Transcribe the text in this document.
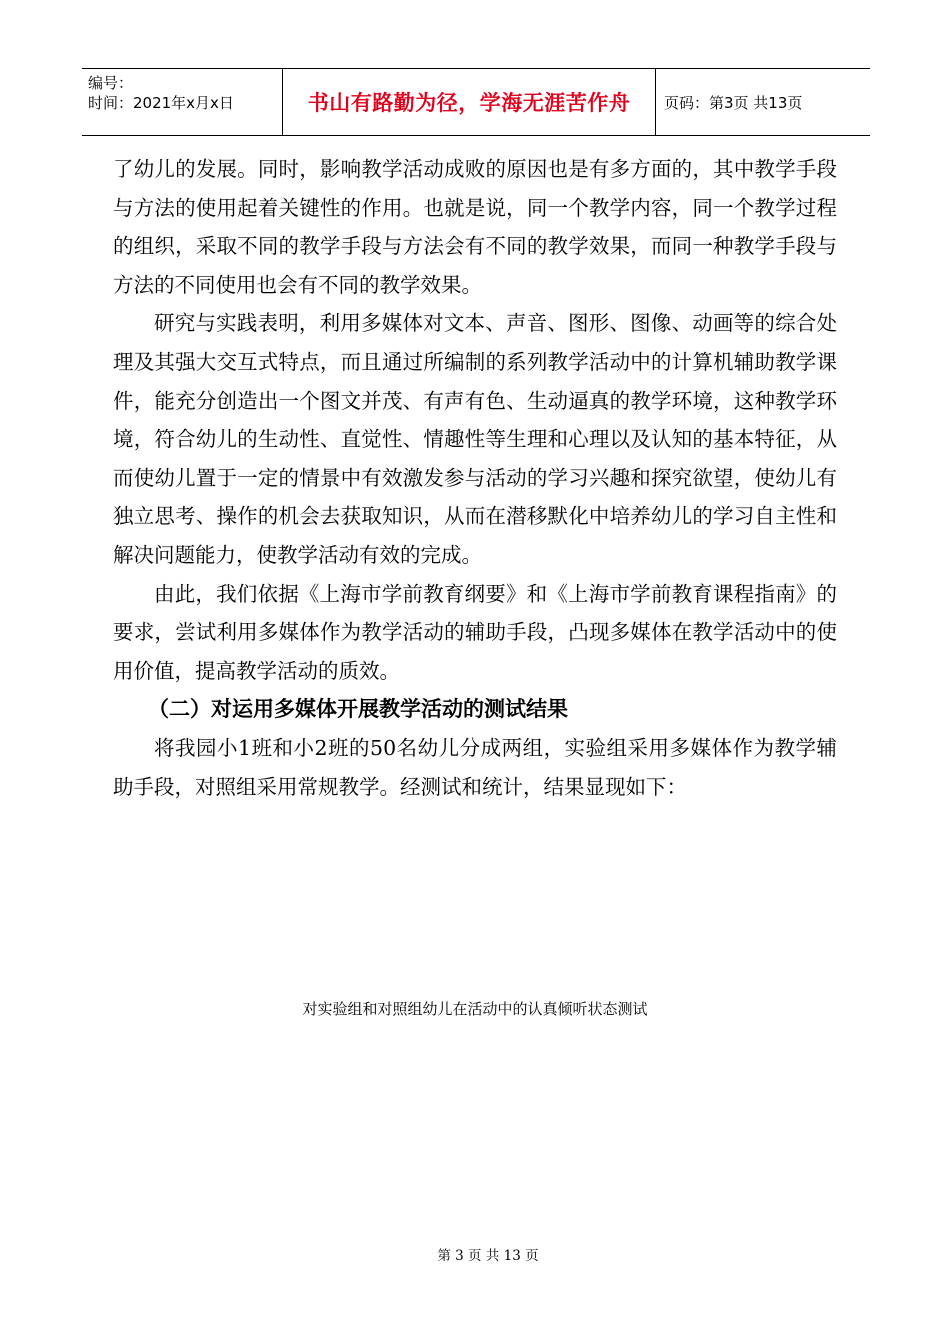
编号：
时间：2021年x月x日	书山有路勤为径，学海无涯苦作舟 页码：第3页 共13页

了幼儿的发展。同时，影响教学活动成败的原因也是有多方面的，其中教学手段与方法的使用起着关键性的作用。也就是说，同一个教学内容，同一个教学过程的组织，采取不同的教学手段与方法会有不同的教学效果，而同一种教学手段与方法的不同使用也会有不同的教学效果。

研究与实践表明，利用多媒体对文本、声音、图形、图像、动画等的综合处理及其强大交互式特点，而且通过所编制的系列教学活动中的计算机辅助教学课件，能充分创造出一个图文并茂、有声有色、生动逼真的教学环境，这种教学环境，符合幼儿的生动性、直觉性、情趣性等生理和心理以及认知的基本特征，从而使幼儿置于一定的情景中有效激发参与活动的学习兴趣和探究欲望，使幼儿有独立思考、操作的机会去获取知识，从而在潜移默化中培养幼儿的学习自主性和解决问题能力，使教学活动有效的完成。

由此，我们依据《上海市学前教育纲要》和《上海市学前教育课程指南》的要求，尝试利用多媒体作为教学活动的辅助手段，凸现多媒体在教学活动中的使用价值，提高教学活动的质效。

（二）对运用多媒体开展教学活动的测试结果

将我园小1班和小2班的50名幼儿分成两组，实验组采用多媒体作为教学辅助手段，对照组采用常规教学。经测试和统计，结果显现如下：

对实验组和对照组幼儿在活动中的认真倾听状态测试
第 3 页 共 13 页
